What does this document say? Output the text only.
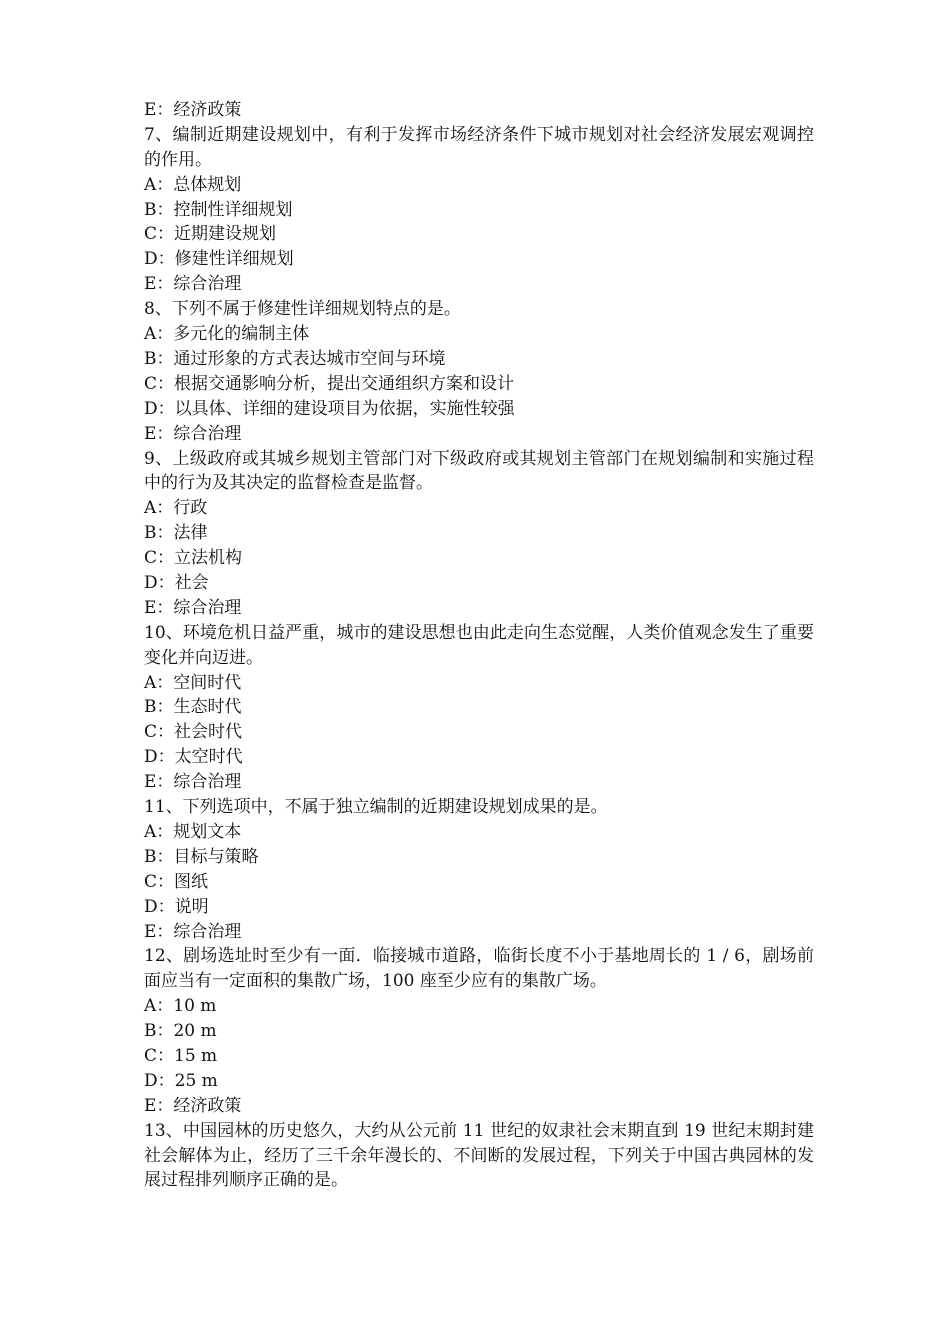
E：经济政策

7、编制近期建设规划中，有利于发挥市场经济条件下城市规划对社会经济发展宏观调控的作用。

A：总体规划

B：控制性详细规划

C：近期建设规划

D：修建性详细规划

E：综合治理

8、下列不属于修建性详细规划特点的是。

A：多元化的编制主体

B：通过形象的方式表达城市空间与环境

C：根据交通影响分析，提出交通组织方案和设计

D：以具体、详细的建设项目为依据，实施性较强

E：综合治理

9、上级政府或其城乡规划主管部门对下级政府或其规划主管部门在规划编制和实施过程中的行为及其决定的监督检查是监督。

A：行政

B：法律

C：立法机构

D：社会

E：综合治理

10、环境危机日益严重，城市的建设思想也由此走向生态觉醒，人类价值观念发生了重要变化并向迈进。

A：空间时代

B：生态时代

C：社会时代

D：太空时代

E：综合治理

11、下列选项中，不属于独立编制的近期建设规划成果的是。

A：规划文本

B：目标与策略

C：图纸

D：说明

E：综合治理

12、剧场选址时至少有一面．临接城市道路，临街长度不小于基地周长的 1 / 6，剧场前面应当有一定面积的集散广场，100 座至少应有的集散广场。

A：10 m

B：20 m

C：15 m

D：25 m

E：经济政策

13、中国园林的历史悠久，大约从公元前 11 世纪的奴隶社会末期直到 19 世纪末期封建社会解体为止，经历了三千余年漫长的、不间断的发展过程，下列关于中国古典园林的发展过程排列顺序正确的是。
